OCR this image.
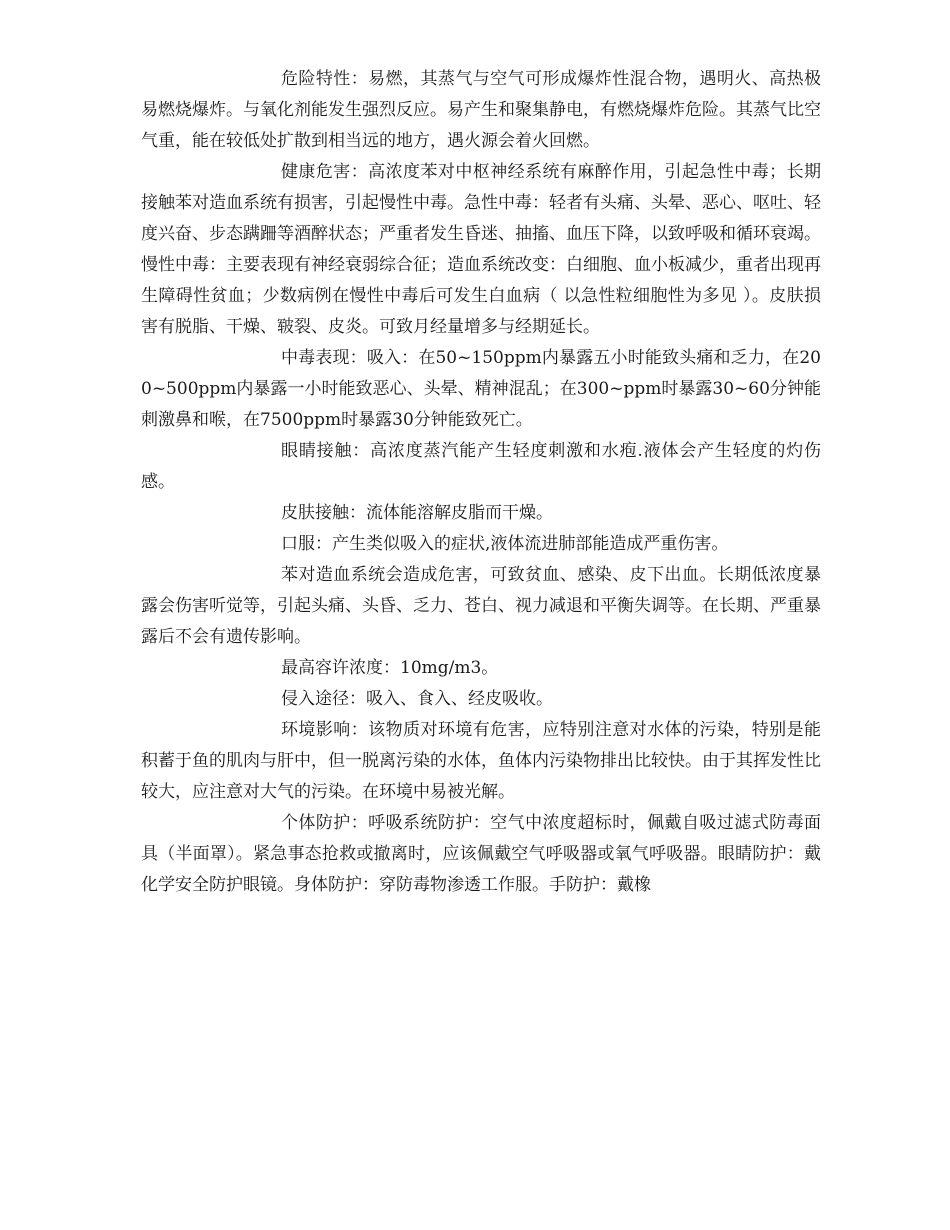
危险特性：易燃，其蒸气与空气可形成爆炸性混合物，遇明火、高热极易燃烧爆炸。与氧化剂能发生强烈反应。易产生和聚集静电，有燃烧爆炸危险。其蒸气比空气重，能在较低处扩散到相当远的地方，遇火源会着火回燃。

健康危害：高浓度苯对中枢神经系统有麻醉作用，引起急性中毒；长期接触苯对造血系统有损害，引起慢性中毒。急性中毒：轻者有头痛、头晕、恶心、呕吐、轻度兴奋、步态蹒跚等酒醉状态；严重者发生昏迷、抽搐、血压下降，以致呼吸和循环衰竭。慢性中毒：主要表现有神经衰弱综合征；造血系统改变：白细胞、血小板减少，重者出现再生障碍性贫血；少数病例在慢性中毒后可发生白血病（ 以急性粒细胞性为多见 ）。皮肤损害有脱脂、干燥、皲裂、皮炎。可致月经量增多与经期延长。

中毒表现：吸入：在50~150ppm内暴露五小时能致头痛和乏力，在200~500ppm内暴露一小时能致恶心、头晕、精神混乱；在300~ppm时暴露30~60分钟能刺激鼻和喉，在7500ppm时暴露30分钟能致死亡。

眼睛接触：高浓度蒸汽能产生轻度刺激和水疱.液体会产生轻度的灼伤感。

皮肤接触：流体能溶解皮脂而干燥。

口服：产生类似吸入的症状,液体流进肺部能造成严重伤害。

苯对造血系统会造成危害，可致贫血、感染、皮下出血。长期低浓度暴露会伤害听觉等，引起头痛、头昏、乏力、苍白、视力减退和平衡失调等。在长期、严重暴露后不会有遗传影响。

最高容许浓度：10mg/m3。

侵入途径：吸入、食入、经皮吸收。

环境影响：该物质对环境有危害，应特别注意对水体的污染，特别是能积蓄于鱼的肌肉与肝中，但一脱离污染的水体，鱼体内污染物排出比较快。由于其挥发性比较大，应注意对大气的污染。在环境中易被光解。

个体防护：呼吸系统防护：空气中浓度超标时，佩戴自吸过滤式防毒面具（半面罩）。紧急事态抢救或撤离时，应该佩戴空气呼吸器或氧气呼吸器。眼睛防护：戴化学安全防护眼镜。身体防护：穿防毒物渗透工作服。手防护：戴橡
